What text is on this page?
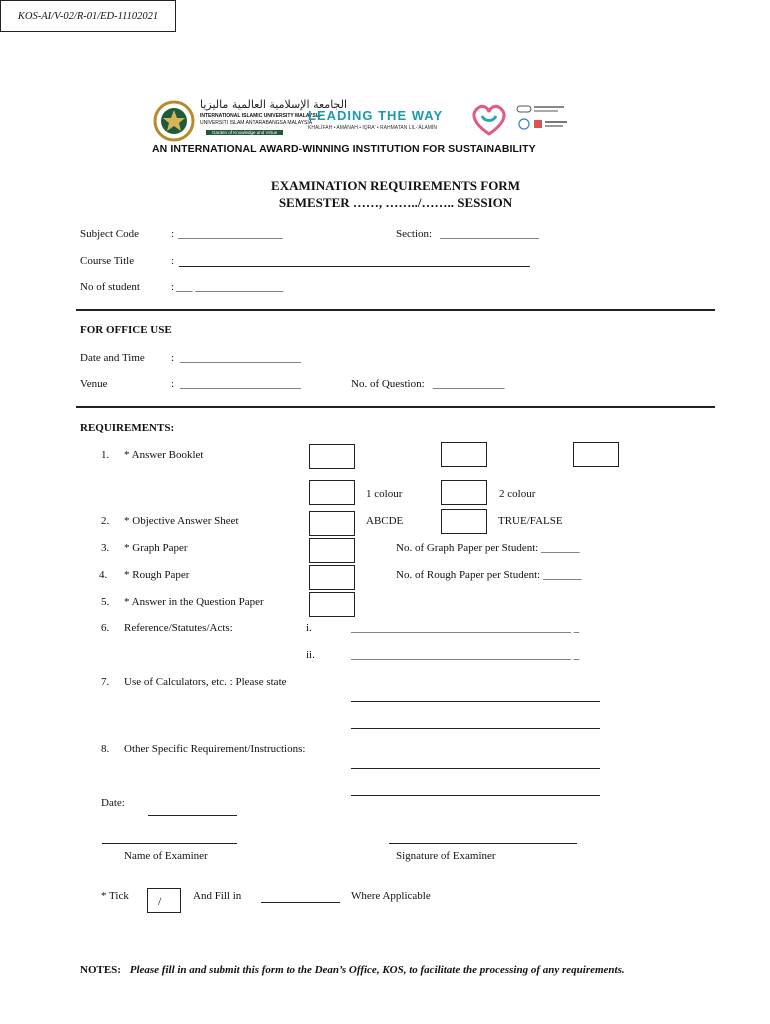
KOS-AI/V-02/R-01/ED-11102021
الجامعة الإسلامية العالمية ماليزيا
INTERNATIONAL ISLAMIC UNIVERSITY MALAYSIA
UNIVERSITI ISLAM ANTARABANGSA MALAYSIA
Garden of Knowledge and Virtue
LEADING THE WAY
KHALĪFAH • AMĀNAH • IQRA' • RAHMATAN LIL-'ĀLAMĪN
AN INTERNATIONAL AWARD-WINNING INSTITUTION FOR SUSTAINABILITY
EXAMINATION REQUIREMENTS FORM
SEMESTER ……, ……../…….. SESSION
Subject Code	: ___________________	Section: __________________
Course Title	:
No of student	: ___ ________________
FOR OFFICE USE
Date and Time : ______________________
Venue	: ______________________	No. of Question: _____________
REQUIREMENTS:
1. * Answer Booklet
1 colour	2 colour
2. * Objective Answer Sheet	ABCDE	TRUE/FALSE
3. * Graph Paper	No. of Graph Paper per Student: _______
4. * Rough Paper	No. of Rough Paper per Student: _______
5. * Answer in the Question Paper
6. Reference/Statutes/Acts:	i.	________________________________________ _
ii.	________________________________________ _
7. Use of Calculators, etc. : Please state
8. Other Specific Requirement/Instructions:
Date:
Name of Examiner	Signature of Examiner
* Tick /	And Fill in	Where Applicable
NOTES: Please fill in and submit this form to the Dean’s Office, KOS, to facilitate the processing of any requirements.
